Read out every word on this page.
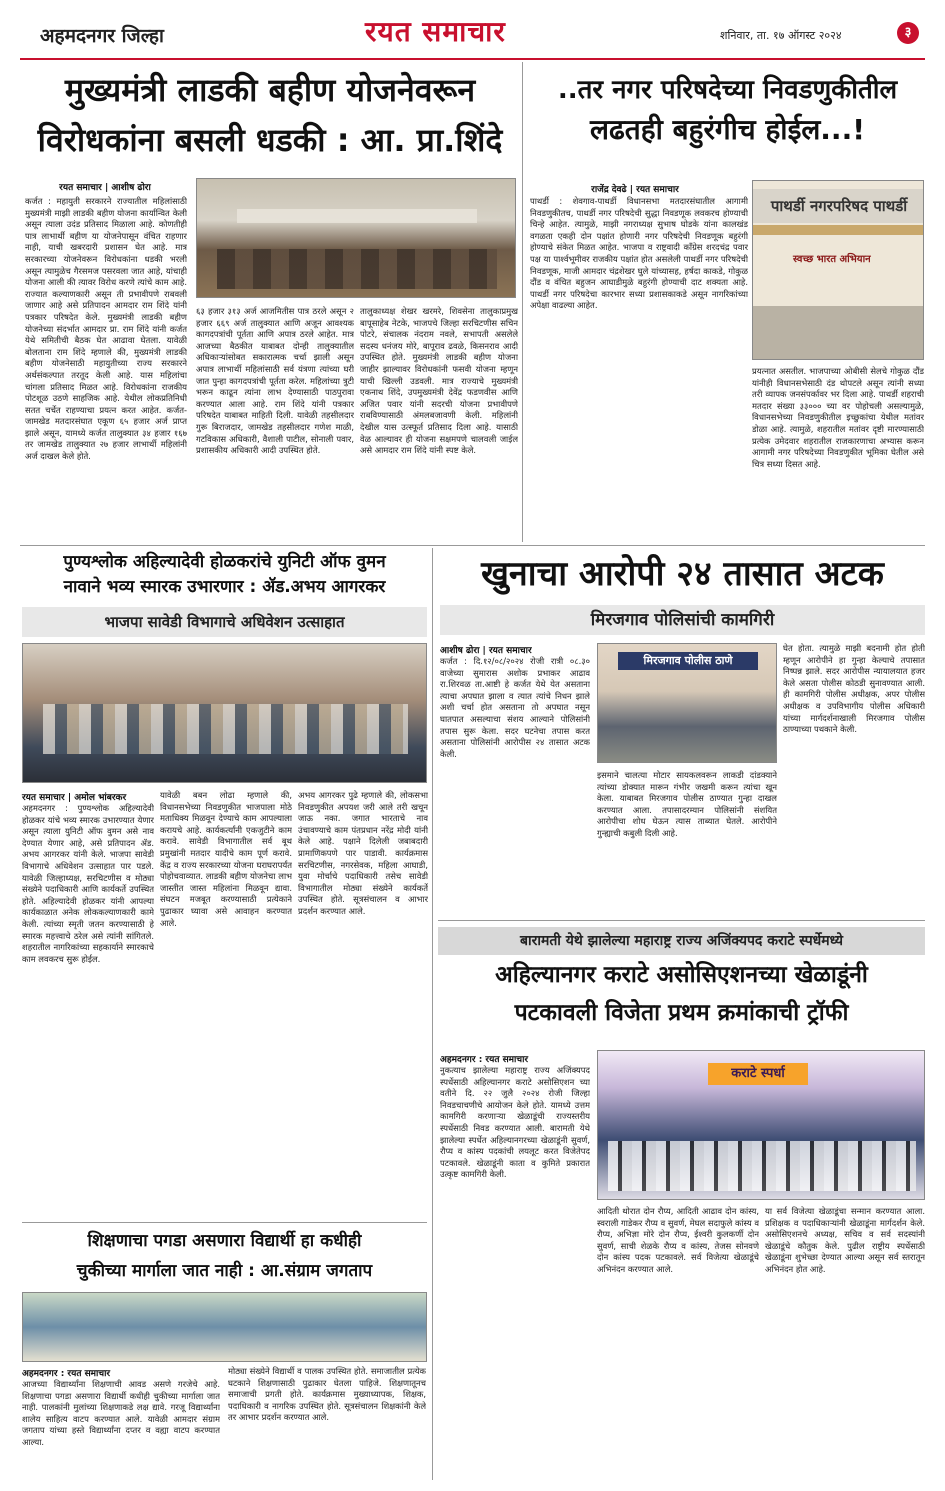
अहमदनगर जिल्हा	रयत समाचार	शनिवार, ता. १७ ऑगस्ट २०२४	३
मुख्यमंत्री लाडकी बहीण योजनेवरून
विरोधकांना बसली धडकी : आ. प्रा.शिंदे
रयत समाचार | आशीष ढोरा
कर्जत : महायुती सरकारने राज्यातील महिलांसाठी मुख्यमंत्री माझी लाडकी बहीण योजना कार्यान्वित केली असून त्याला उदंड प्रतिसाद मिळाला आहे. कोणतीही पात्र लाभार्थी बहीण या योजनेपासून वंचित राहणार नाही, याची खबरदारी प्रशासन घेत आहे. मात्र सरकारच्या योजनेवरून विरोधकांना धडकी भरली असून त्यामुळेच गैरसमज पसरवला जात आहे, यांचाही योजना आली की त्यावर विरोध करणे त्यांचे काम आहे. राज्यात कल्याणकारी असून ती प्रभावीपणे राबवली जाणार आहे असे प्रतिपादन आमदार राम शिंदे यांनी पत्रकार परिषदेत केले. मुख्यमंत्री लाडकी बहीण योजनेच्या संदर्भात आमदार प्रा. राम शिंदे यांनी कर्जत येथे समितीची बैठक घेत आढावा घेतला. यावेळी बोलताना राम शिंदे म्हणाले की, मुख्यमंत्री लाडकी बहीण योजनेसाठी महायुतीच्या राज्य सरकारने अर्थसंकल्पात तरतूद केली आहे. यास महिलांचा चांगला प्रतिसाद मिळत आहे. विरोधकांना राजकीय पोटशूळ उठणे साहजिक आहे. येथील लोकप्रतिनिधी सतत चर्चेत राहण्याचा प्रयत्न करत आहेत. कर्जत-जामखेड मतदारसंघात एकूण ६५ हजार अर्ज प्राप्त झाले असून, यामध्ये कर्जत तालुक्यात ३४ हजार १६७ तर जामखेड तालुक्यात २७ हजार लाभार्थी महिलांनी अर्ज दाखल केले होते.
६३ हजार ३१३ अर्ज आजमितीस पात्र ठरले असून २ हजार ६६९ अर्ज तालुक्यात आणि अजून आवश्यक कागदपत्रांची पूर्तता आणि अपात्र ठरले आहेत. मात्र आजच्या बैठकीत याबाबत दोन्ही तालुक्यातील अधिकाऱ्यांसोबत सकारात्मक चर्चा झाली असून अपात्र लाभार्थी महिलांसाठी सर्व यंत्रणा त्यांच्या घरी जात पुन्हा कागदपत्रांची पूर्तता करेल. महिलांच्या त्रुटी भरून काढून त्यांना लाभ देण्यासाठी पाठपुरावा करण्यात आला आहे. राम शिंदे यांनी पत्रकार परिषदेत याबाबत माहिती दिली. यावेळी तहसीलदार गुरू बिराजदार, जामखेड तहसीलदार गणेश माळी, गटविकास अधिकारी, वैशाली पाटील, सोनाली पवार, प्रशासकीय अधिकारी आदी उपस्थित होते.
तालुकाध्यक्ष शेखर खरमरे, शिवसेना तालुकाप्रमुख बापूसाहेब नेटके, भाजपचे जिल्हा सरचिटणीस सचिन पोटरे, संचालक नंदराम नवले, सभापती असलेले सदस्य धनंजय मोरे, बापूराव ढवळे, किसनराव आदी उपस्थित होते. मुख्यमंत्री लाडकी बहीण योजना जाहीर झाल्यावर विरोधकांनी फसवी योजना म्हणून याची खिल्ली उडवली. मात्र राज्याचे मुख्यमंत्री एकनाथ शिंदे, उपमुख्यमंत्री देवेंद्र फडणवीस आणि अजित पवार यांनी सदरची योजना प्रभावीपणे राबविण्यासाठी अंमलबजावणी केली. महिलांनी देखील यास उत्स्फूर्त प्रतिसाद दिला आहे. यासाठी वेळ आल्यावर ही योजना सक्षमपणे चालवली जाईल असे आमदार राम शिंदे यांनी स्पष्ट केले.
..तर नगर परिषदेच्या निवडणुकीतील
लढतही बहुरंगीच होईल...!
राजेंद्र देवढे | रयत समाचार
पाथर्डी : शेवगाव-पाथर्डी विधानसभा मतदारसंघातील आगामी निवडणुकीतच, पाथर्डी नगर परिषदेची सुद्धा निवडणूक लवकरच होण्याची चिन्हे आहेत. त्यामुळे, माझी नगराध्यक्ष सुभाष घोडके यांना कालखंड वगळता एकही दोन पक्षांत होणारी नगर परिषदेची निवडणूक बहुरंगी होण्याचे संकेत मिळत आहेत. भाजपा व राष्ट्रवादी काँग्रेस शरदचंद्र पवार पक्ष या पार्श्वभूमीवर राजकीय पक्षांत होत असलेली पाथर्डी नगर परिषदेची निवडणूक, माजी आमदार चंद्रशेखर घुले यांच्यासह, हर्षदा काकडे, गोकुळ दौंड व वंचित बहुजन आघाडीमुळे बहुरंगी होण्याची दाट शक्यता आहे. पाथर्डी नगर परिषदेचा कारभार सध्या प्रशासकाकडे असून नागरिकांच्या अपेक्षा वाढल्या आहेत.
पाथर्डी नगरपरिषद पाथर्डी
स्वच्छ भारत अभियान
प्रयत्नात असतील. भाजपाच्या ओबीसी सेलचे गोकुळ दौंड यांनीही विधानसभेसाठी दंड थोपटले असून त्यांनी सध्या तरी व्यापक जनसंपर्कावर भर दिला आहे. पाथर्डी शहराची मतदार संख्या ३३००० च्या वर पोहोचली असल्यामुळे, विधानसभेच्या निवडणुकीतील इच्छुकांचा येथील मतांवर डोळा आहे. त्यामुळे, शहरातील मतांवर दृष्टी मारण्यासाठी प्रत्येक उमेदवार शहरातील राजकारणाचा अभ्यास करून आगामी नगर परिषदेच्या निवडणुकीत भूमिका घेतील असे चित्र सध्या दिसत आहे.
पुण्यश्लोक अहिल्यादेवी होळकरांचे युनिटी ऑफ वुमन
नावाने भव्य स्मारक उभारणार : ॲड.अभय आगरकर
भाजपा सावेडी विभागाचे अधिवेशन उत्साहात
रयत समाचार | अमोल भांबरकर
अहमदनगर : पुण्यश्लोक अहिल्यादेवी होळकर यांचे भव्य स्मारक उभारण्यात येणार असून त्याला युनिटी ऑफ वुमन असे नाव देण्यात येणार आहे, असे प्रतिपादन ॲड. अभय आगरकर यांनी केले. भाजपा सावेडी विभागाचे अधिवेशन उत्साहात पार पडले. यावेळी जिल्हाध्यक्ष, सरचिटणीस व मोठ्या संख्येने पदाधिकारी आणि कार्यकर्ते उपस्थित होते. अहिल्यादेवी होळकर यांनी आपल्या कार्यकाळात अनेक लोककल्याणकारी कामे केली. त्यांच्या स्मृती जतन करण्यासाठी हे स्मारक महत्त्वाचे ठरेल असे त्यांनी सांगितले. शहरातील नागरिकांच्या सहकार्याने स्मारकाचे काम लवकरच सुरू होईल.
यावेळी बबन लोढा म्हणाले की, विधानसभेच्या निवडणुकीत भाजपाला मोठे मताधिक्य मिळवून देण्याचे काम आपल्याला करायचे आहे. कार्यकर्त्यांनी एकजुटीने काम करावे. सावेडी विभागातील सर्व बूथ प्रमुखांनी मतदार यादीचे काम पूर्ण करावे. केंद्र व राज्य सरकारच्या योजना घराघरापर्यंत पोहोचवाव्यात. लाडकी बहीण योजनेचा लाभ जास्तीत जास्त महिलांना मिळवून द्यावा. संघटन मजबूत करण्यासाठी प्रत्येकाने पुढाकार घ्यावा असे आवाहन करण्यात आले.
अभय आगरकर पुढे म्हणाले की, लोकसभा निवडणुकीत अपयश जरी आले तरी खचून जाऊ नका. जगात भारताचे नाव उंचावण्याचे काम पंतप्रधान नरेंद्र मोदी यांनी केले आहे. पक्षाने दिलेली जबाबदारी प्रामाणिकपणे पार पाडावी. कार्यक्रमास सरचिटणीस, नगरसेवक, महिला आघाडी, युवा मोर्चाचे पदाधिकारी तसेच सावेडी विभागातील मोठ्या संख्येने कार्यकर्ते उपस्थित होते. सूत्रसंचालन व आभार प्रदर्शन करण्यात आले.
शिक्षणाचा पगडा असणारा विद्यार्थी हा कधीही
चुकीच्या मार्गाला जात नाही : आ.संग्राम जगताप
अहमदनगर : रयत समाचार
आजच्या विद्यार्थ्यांना शिक्षणाची आवड असणे गरजेचे आहे. शिक्षणाचा पगडा असणारा विद्यार्थी कधीही चुकीच्या मार्गाला जात नाही. पालकांनी मुलांच्या शिक्षणाकडे लक्ष द्यावे. गरजू विद्यार्थ्यांना शालेय साहित्य वाटप करण्यात आले. यावेळी आमदार संग्राम जगताप यांच्या हस्ते विद्यार्थ्यांना दप्तर व वह्या वाटप करण्यात आल्या.
मोठ्या संख्येने विद्यार्थी व पालक उपस्थित होते. समाजातील प्रत्येक घटकाने शिक्षणासाठी पुढाकार घेतला पाहिजे. शिक्षणातूनच समाजाची प्रगती होते. कार्यक्रमास मुख्याध्यापक, शिक्षक, पदाधिकारी व नागरिक उपस्थित होते. सूत्रसंचालन शिक्षकांनी केले तर आभार प्रदर्शन करण्यात आले.
खुनाचा आरोपी २४ तासात अटक
मिरजगाव पोलिसांची कामगिरी
आशीष ढोरा | रयत समाचार
कर्जत : दि.१२/०८/२०२४ रोजी रात्री ०८.३० वाजेच्या सुमारास अशोक प्रभाकर आढाव रा.शिरवळ ता.आष्टी हे कर्जत येथे येत असताना त्याचा अपघात झाला व त्यात त्यांचे निधन झाले अशी चर्चा होत असताना तो अपघात नसून घातपात असल्याचा संशय आल्याने पोलिसांनी तपास सुरू केला. सदर घटनेचा तपास करत असताना पोलिसांनी आरोपीस २४ तासात अटक केली.
मिरजगाव पोलीस ठाणे
इसमाने चालत्या मोटार सायकलवरून लाकडी दांडक्याने त्यांच्या डोक्यात मारून गंभीर जखमी करून त्यांचा खून केला. याबाबत मिरजगाव पोलीस ठाण्यात गुन्हा दाखल करण्यात आला. तपासादरम्यान पोलिसांनी संशयित आरोपीचा शोध घेऊन त्यास ताब्यात घेतले. आरोपीने गुन्ह्याची कबुली दिली आहे.
घेत होता. त्यामुळे माझी बदनामी होत होती म्हणून आरोपीने हा गुन्हा केल्याचे तपासात निष्पन्न झाले. सदर आरोपीस न्यायालयात हजर केले असता पोलीस कोठडी सुनावण्यात आली. ही कामगिरी पोलीस अधीक्षक, अपर पोलीस अधीक्षक व उपविभागीय पोलीस अधिकारी यांच्या मार्गदर्शनाखाली मिरजगाव पोलीस ठाण्याच्या पथकाने केली.
बारामती येथे झालेल्या महाराष्ट्र राज्य अजिंक्यपद कराटे स्पर्धेमध्ये
अहिल्यानगर कराटे असोसिएशनच्या खेळाडूंनी
पटकावली विजेता प्रथम क्रमांकाची ट्रॉफी
अहमदनगर : रयत समाचार
नुकत्याच झालेल्या महाराष्ट्र राज्य अजिंक्यपद स्पर्धेसाठी अहिल्यानगर कराटे असोसिएशन च्या वतीने दि. २२ जुलै २०२४ रोजी जिल्हा निवडचाचणीचे आयोजन केले होते. यामध्ये उत्तम कामगिरी करणाऱ्या खेळाडूंची राज्यस्तरीय स्पर्धेसाठी निवड करण्यात आली. बारामती येथे झालेल्या स्पर्धेत अहिल्यानगरच्या खेळाडूंनी सुवर्ण, रौप्य व कांस्य पदकांची लयलूट करत विजेतेपद पटकावले. खेळाडूंनी काता व कुमिते प्रकारात उत्कृष्ट कामगिरी केली.
कराटे स्पर्धा
आदिती थोरात दोन रौप्य, आदिती आढाव दोन कांस्य, स्वराली गाडेकर रौप्य व सुवर्ण, मेघल सदाफुले कांस्य व रौप्य, अभिज्ञा मोरे दोन रौप्य, ईश्वरी कुलकर्णी दोन सुवर्ण, साची शेळके रौप्य व कांस्य, तेजस सोनवणे दोन कांस्य पदक पटकावले. सर्व विजेत्या खेळाडूंचे अभिनंदन करण्यात आले.
या सर्व विजेत्या खेळाडूंचा सन्मान करण्यात आला. प्रशिक्षक व पदाधिकाऱ्यांनी खेळाडूंना मार्गदर्शन केले. असोसिएशनचे अध्यक्ष, सचिव व सर्व सदस्यांनी खेळाडूंचे कौतुक केले. पुढील राष्ट्रीय स्पर्धेसाठी खेळाडूंना शुभेच्छा देण्यात आल्या असून सर्व स्तरातून अभिनंदन होत आहे.
